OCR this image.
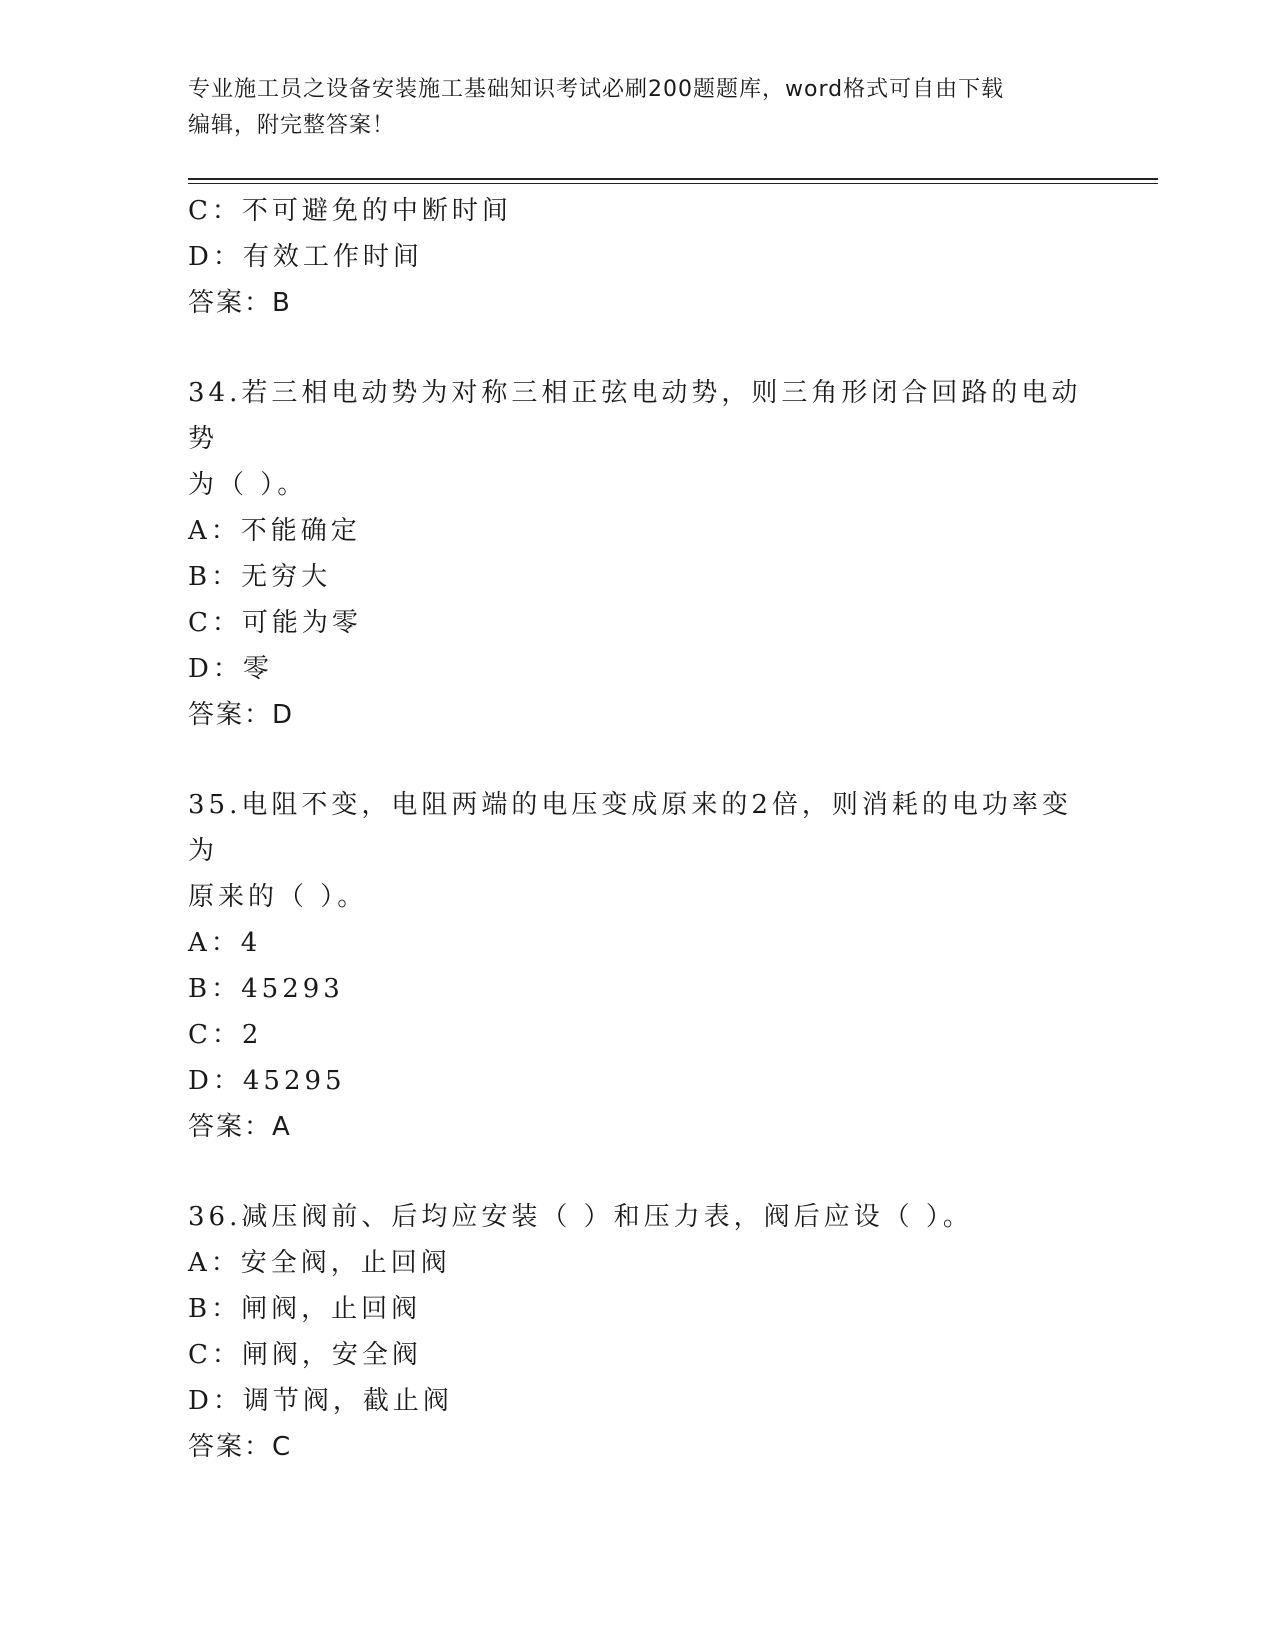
专业施工员之设备安装施工基础知识考试必刷200题题库，word格式可自由下载
编辑，附完整答案！
C：不可避免的中断时间
D：有效工作时间
答案：B
34.若三相电动势为对称三相正弦电动势，则三角形闭合回路的电动势
为（ ）。
A：不能确定
B：无穷大
C：可能为零
D：零
答案：D
35.电阻不变，电阻两端的电压变成原来的2倍，则消耗的电功率变为
原来的（ ）。
A：4
B：45293
C：2
D：45295
答案：A
36.减压阀前、后均应安装（ ）和压力表，阀后应设（ ）。
A：安全阀，止回阀
B：闸阀，止回阀
C：闸阀，安全阀
D：调节阀，截止阀
答案：C
